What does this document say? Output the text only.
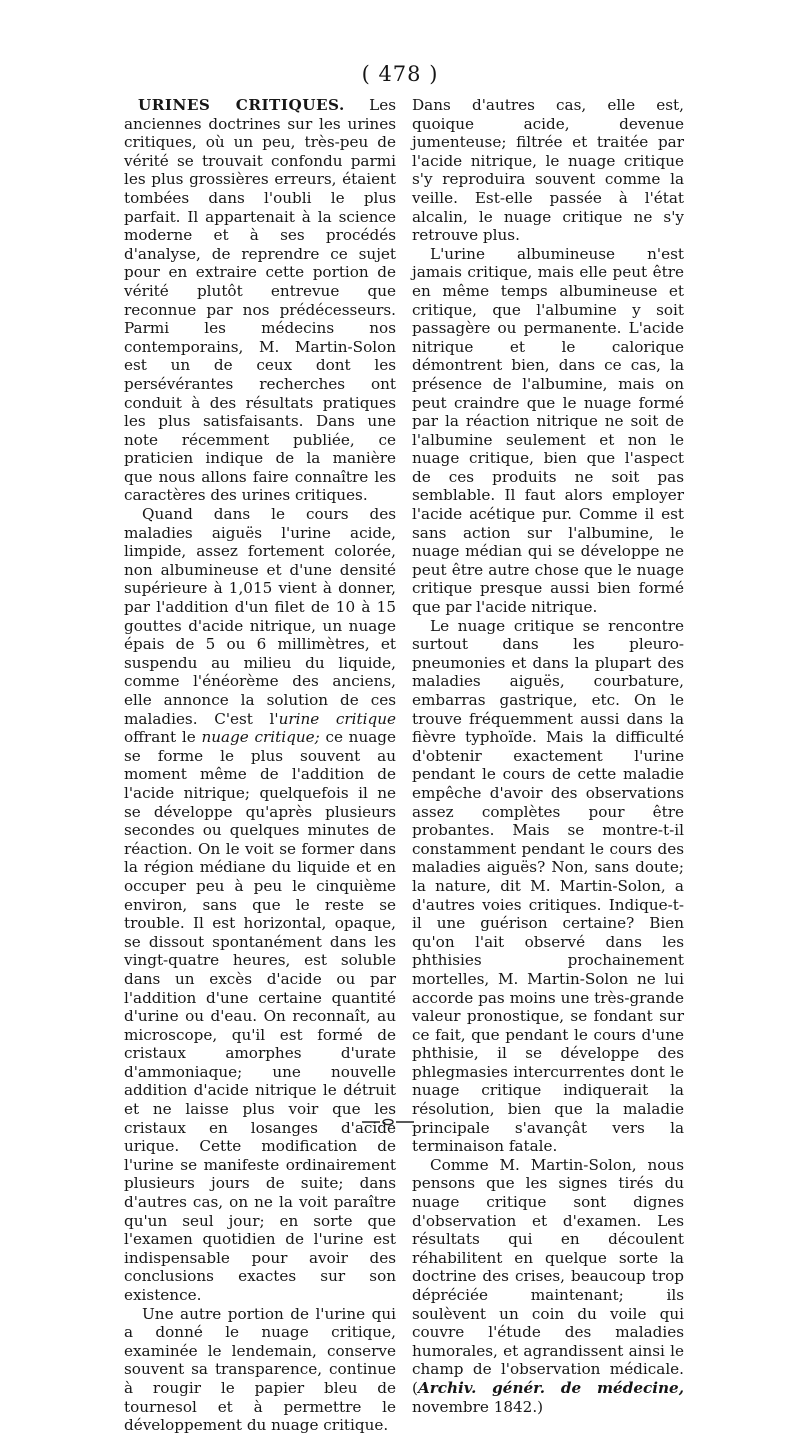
( 478 )

URINES CRITIQUES. Les anciennes doctrines sur les urines critiques, où un peu, très-peu de vérité se trouvait confondu parmi les plus grossières erreurs, étaient tombées dans l'oubli le plus parfait. Il appartenait à la science moderne et à ses procédés d'analyse, de reprendre ce sujet pour en extraire cette portion de vérité plutôt entrevue que reconnue par nos prédécesseurs. Parmi les médecins nos contemporains, M. Martin-Solon est un de ceux dont les persévérantes recherches ont conduit à des résultats pratiques les plus satisfaisants. Dans une note récemment publiée, ce praticien indique de la manière que nous allons faire connaître les caractères des urines critiques.

Quand dans le cours des maladies aiguës l'urine acide, limpide, assez fortement colorée, non albumineuse et d'une densité supérieure à 1,015 vient à donner, par l'addition d'un filet de 10 à 15 gouttes d'acide nitrique, un nuage épais de 5 ou 6 millimètres, et suspendu au milieu du liquide, comme l'énéorème des anciens, elle annonce la solution de ces maladies. C'est l'urine critique offrant le nuage critique; ce nuage se forme le plus souvent au moment même de l'addition de l'acide nitrique; quelquefois il ne se développe qu'après plusieurs secondes ou quelques minutes de réaction. On le voit se former dans la région médiane du liquide et en occuper peu à peu le cinquième environ, sans que le reste se trouble. Il est horizontal, opaque, se dissout spontanément dans les vingt-quatre heures, est soluble dans un excès d'acide ou par l'addition d'une certaine quantité d'urine ou d'eau. On reconnaît, au microscope, qu'il est formé de cristaux amorphes d'urate d'ammoniaque; une nouvelle addition d'acide nitrique le détruit et ne laisse plus voir que les cristaux en losanges d'acide urique. Cette modification de l'urine se manifeste ordinairement plusieurs jours de suite; dans d'autres cas, on ne la voit paraître qu'un seul jour; en sorte que l'examen quotidien de l'urine est indispensable pour avoir des conclusions exactes sur son existence.

Une autre portion de l'urine qui a donné le nuage critique, examinée le lendemain, conserve souvent sa transparence, continue à rougir le papier bleu de tournesol et à permettre le développement du nuage critique.

Dans d'autres cas, elle est, quoique acide, devenue jumenteuse; filtrée et traitée par l'acide nitrique, le nuage critique s'y reproduira souvent comme la veille. Est-elle passée à l'état alcalin, le nuage critique ne s'y retrouve plus.

L'urine albumineuse n'est jamais critique, mais elle peut être en même temps albumineuse et critique, que l'albumine y soit passagère ou permanente. L'acide nitrique et le calorique démontrent bien, dans ce cas, la présence de l'albumine, mais on peut craindre que le nuage formé par la réaction nitrique ne soit de l'albumine seulement et non le nuage critique, bien que l'aspect de ces produits ne soit pas semblable. Il faut alors employer l'acide acétique pur. Comme il est sans action sur l'albumine, le nuage médian qui se développe ne peut être autre chose que le nuage critique presque aussi bien formé que par l'acide nitrique.

Le nuage critique se rencontre surtout dans les pleuro-pneumonies et dans la plupart des maladies aiguës, courbature, embarras gastrique, etc. On le trouve fréquemment aussi dans la fièvre typhoïde. Mais la difficulté d'obtenir exactement l'urine pendant le cours de cette maladie empêche d'avoir des observations assez complètes pour être probantes. Mais se montre-t-il constamment pendant le cours des maladies aiguës? Non, sans doute; la nature, dit M. Martin-Solon, a d'autres voies critiques. Indique-t-il une guérison certaine? Bien qu'on l'ait observé dans les phthisies prochainement mortelles, M. Martin-Solon ne lui accorde pas moins une très-grande valeur pronostique, se fondant sur ce fait, que pendant le cours d'une phthisie, il se développe des phlegmasies intercurrentes dont le nuage critique indiquerait la résolution, bien que la maladie principale s'avançât vers la terminaison fatale.

Comme M. Martin-Solon, nous pensons que les signes tirés du nuage critique sont dignes d'observation et d'examen. Les résultats qui en découlent réhabilitent en quelque sorte la doctrine des crises, beaucoup trop dépréciée maintenant; ils soulèvent un coin du voile qui couvre l'étude des maladies humorales, et agrandissent ainsi le champ de l'observation médicale. (Archiv. génér. de médecine, novembre 1842.)
